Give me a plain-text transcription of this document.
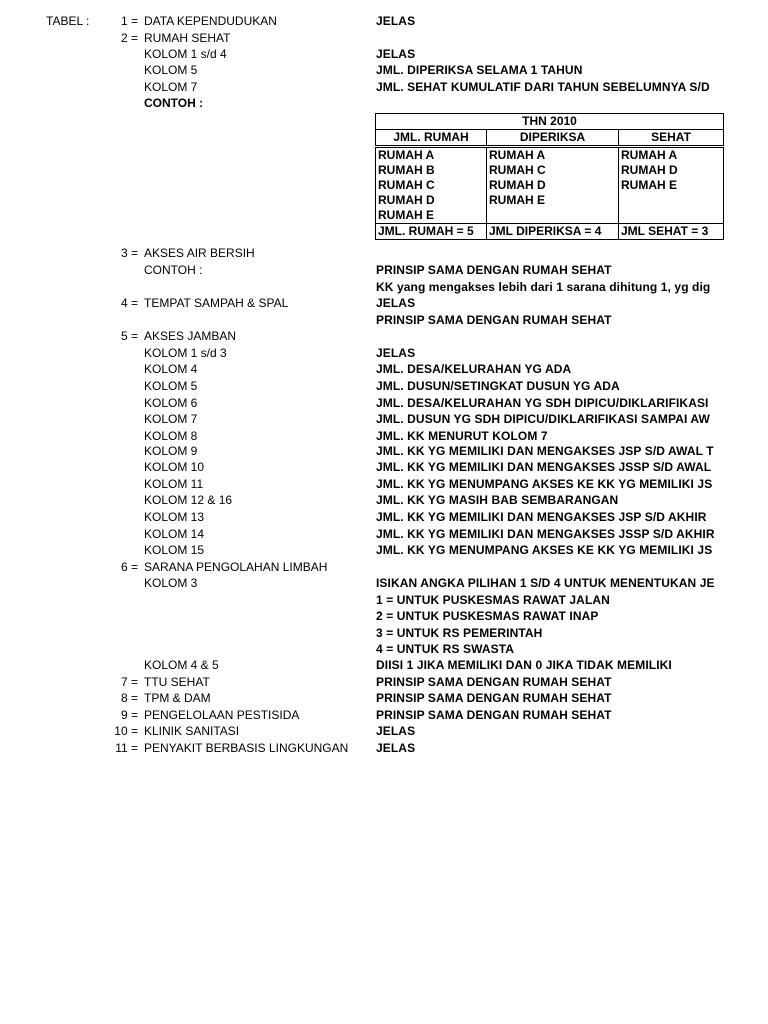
TABEL :	1 = DATA KEPENDUDUKAN	JELAS
2 = RUMAH SEHAT
KOLOM 1 s/d 4	JELAS
KOLOM 5	JML. DIPERIKSA SELAMA 1 TAHUN
KOLOM 7	JML. SEHAT KUMULATIF DARI TAHUN SEBELUMNYA S/D
CONTOH :
THN 2010		
JML. RUMAH	DIPERIKSA	SEHAT
RUMAH A	RUMAH A	RUMAH A
RUMAH B	RUMAH C	RUMAH D
RUMAH C	RUMAH D	RUMAH E
RUMAH D	RUMAH E	
RUMAH E		
JML. RUMAH = 5	JML DIPERIKSA = 4	JML SEHAT = 3
3 = AKSES AIR BERSIH
CONTOH :	PRINSIP SAMA DENGAN RUMAH SEHAT
KK yang mengakses lebih dari 1 sarana dihitung 1, yg dig
4 = TEMPAT SAMPAH & SPAL	JELAS
PRINSIP SAMA DENGAN RUMAH SEHAT
5 = AKSES JAMBAN
KOLOM 1 s/d 3	JELAS
KOLOM 4	JML. DESA/KELURAHAN YG ADA
KOLOM 5	JML. DUSUN/SETINGKAT DUSUN YG ADA
KOLOM 6	JML. DESA/KELURAHAN YG SDH DIPICU/DIKLARIFIKASI
KOLOM 7	JML. DUSUN YG SDH DIPICU/DIKLARIFIKASI SAMPAI AW
KOLOM 8	JML. KK MENURUT KOLOM 7
KOLOM 9	JML. KK YG MEMILIKI DAN MENGAKSES JSP S/D AWAL T
KOLOM 10	JML. KK YG MEMILIKI DAN MENGAKSES JSSP S/D AWAL
KOLOM 11	JML. KK YG MENUMPANG AKSES KE KK YG MEMILIKI JS
KOLOM 12 & 16	JML. KK YG MASIH BAB SEMBARANGAN
KOLOM 13	JML. KK YG MEMILIKI DAN MENGAKSES JSP S/D AKHIR
KOLOM 14	JML. KK YG MEMILIKI DAN MENGAKSES JSSP S/D AKHIR
KOLOM 15	JML. KK YG MENUMPANG AKSES KE KK YG MEMILIKI JS
6 = SARANA PENGOLAHAN LIMBAH
KOLOM 3	ISIKAN ANGKA PILIHAN 1 S/D 4 UNTUK MENENTUKAN JE
1 = UNTUK PUSKESMAS RAWAT JALAN
2 = UNTUK PUSKESMAS RAWAT INAP
3 = UNTUK RS PEMERINTAH
4 = UNTUK RS SWASTA
KOLOM 4 & 5	DIISI 1 JIKA MEMILIKI DAN 0 JIKA TIDAK MEMILIKI
7 = TTU SEHAT	PRINSIP SAMA DENGAN RUMAH SEHAT
8 = TPM & DAM	PRINSIP SAMA DENGAN RUMAH SEHAT
9 = PENGELOLAAN PESTISIDA	PRINSIP SAMA DENGAN RUMAH SEHAT
10 = KLINIK SANITASI	JELAS
11 = PENYAKIT BERBASIS LINGKUNGAN	JELAS
